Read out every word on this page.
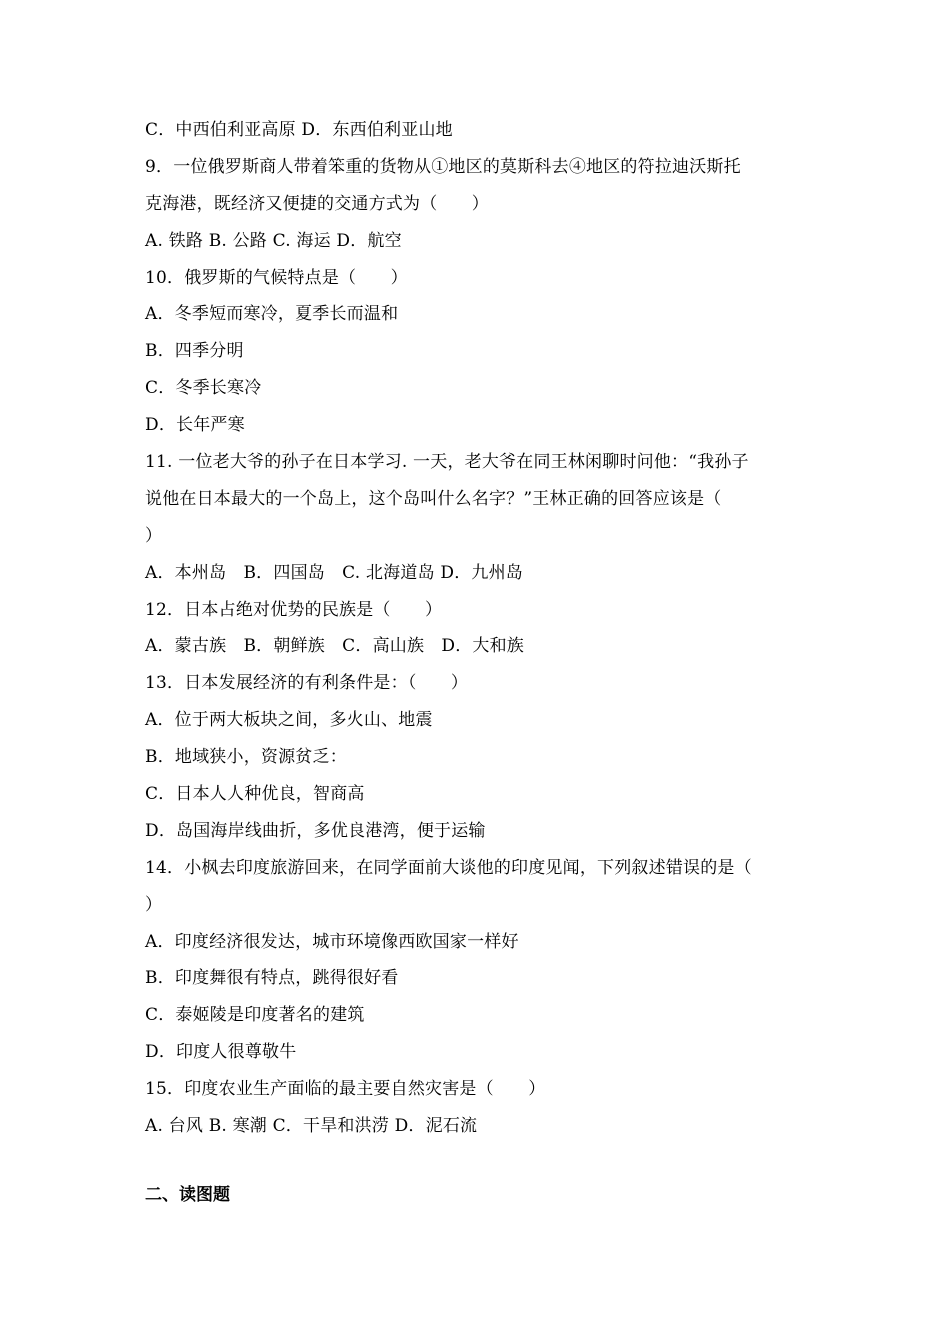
C．中西伯利亚高原 D．东西伯利亚山地
9．一位俄罗斯商人带着笨重的货物从①地区的莫斯科去④地区的符拉迪沃斯托
克海港，既经济又便捷的交通方式为（　　）
A. 铁路 B. 公路 C. 海运 D．航空
10．俄罗斯的气候特点是（　　）
A．冬季短而寒冷，夏季长而温和
B．四季分明
C．冬季长寒冷
D．长年严寒
11. 一位老大爷的孙子在日本学习. 一天，老大爷在同王林闲聊时问他：“我孙子
说他在日本最大的一个岛上，这个岛叫什么名字？”王林正确的回答应该是（
）
A．本州岛　B．四国岛　C. 北海道岛 D．九州岛
12．日本占绝对优势的民族是（　　）
A．蒙古族　B．朝鲜族　C．高山族　D．大和族
13．日本发展经济的有利条件是：（　　）
A．位于两大板块之间，多火山、地震
B．地域狭小，资源贫乏：
C．日本人人种优良，智商高
D．岛国海岸线曲折，多优良港湾，便于运输
14．小枫去印度旅游回来，在同学面前大谈他的印度见闻，下列叙述错误的是（
）
A．印度经济很发达，城市环境像西欧国家一样好
B．印度舞很有特点，跳得很好看
C．泰姬陵是印度著名的建筑
D．印度人很尊敬牛
15．印度农业生产面临的最主要自然灾害是（　　）
A. 台风 B. 寒潮 C．干旱和洪涝 D．泥石流
二、读图题
